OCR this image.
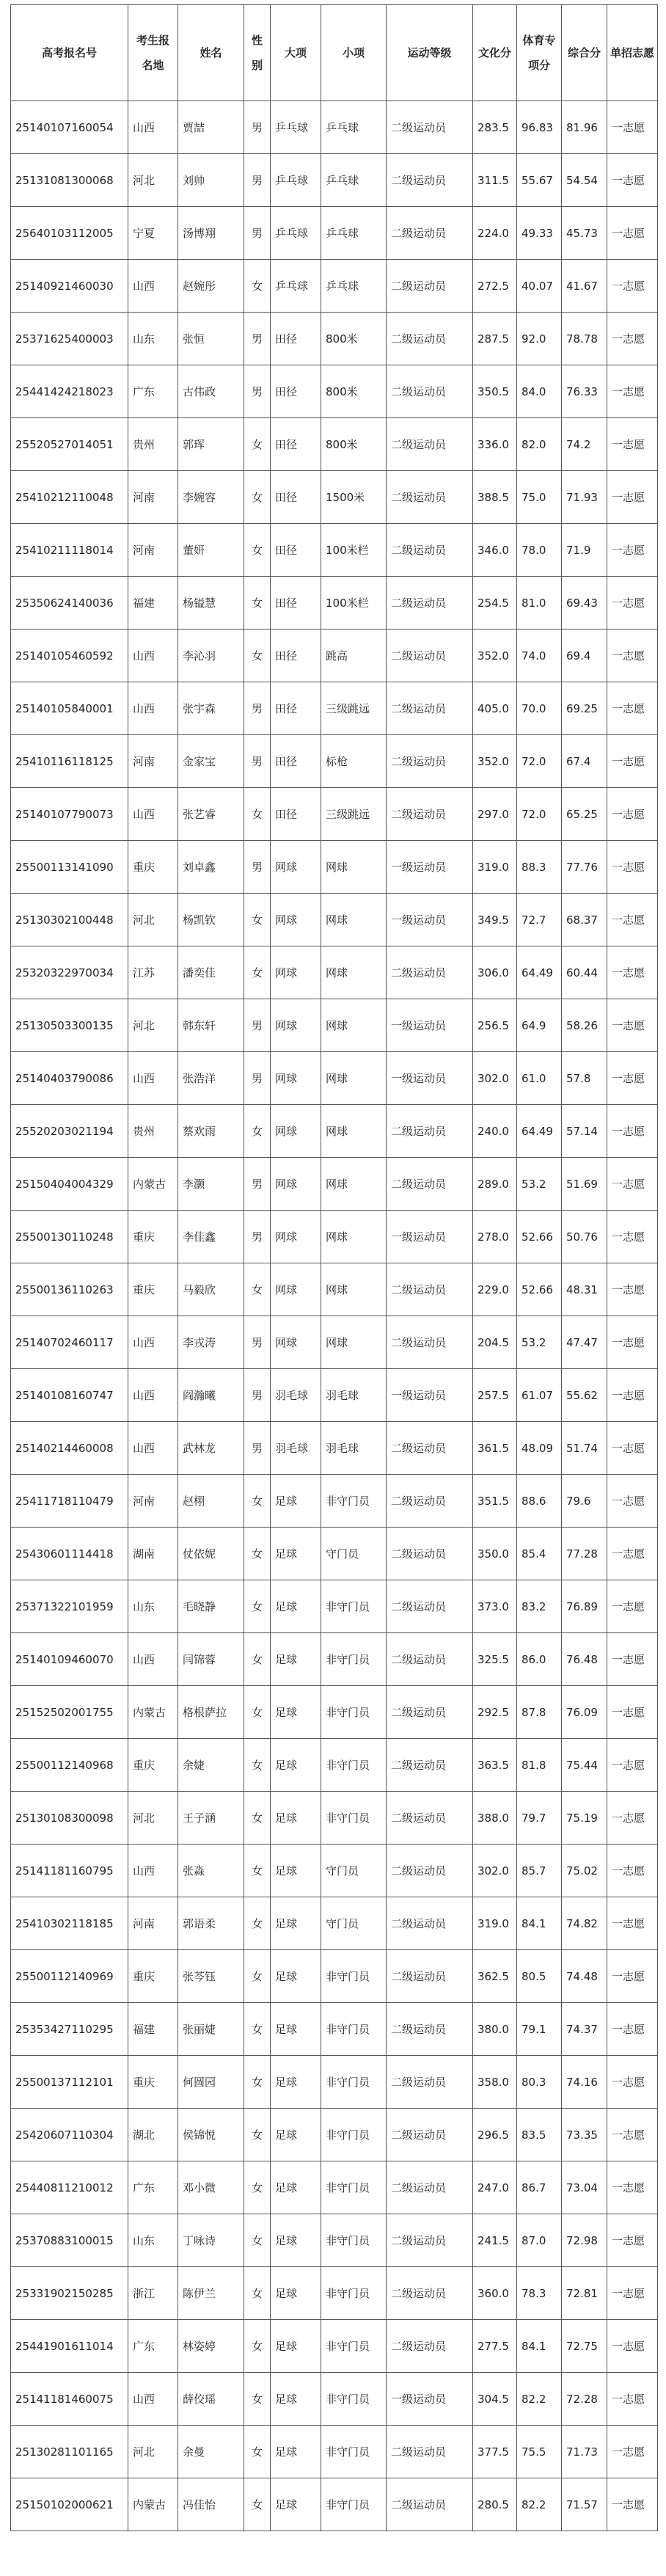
高考报名号	考生报名地	姓名	性别	大项	小项	运动等级	文化分	体育专项分	综合分	单招志愿
25140107160054	山西	贾喆	男	乒乓球	乒乓球	二级运动员	283.5	96.83	81.96	一志愿
25131081300068	河北	刘帅	男	乒乓球	乒乓球	二级运动员	311.5	55.67	54.54	一志愿
25640103112005	宁夏	汤博翔	男	乒乓球	乒乓球	二级运动员	224.0	49.33	45.73	一志愿
25140921460030	山西	赵婉彤	女	乒乓球	乒乓球	二级运动员	272.5	40.07	41.67	一志愿
25371625400003	山东	张恒	男	田径	800米	二级运动员	287.5	92.0	78.78	一志愿
25441424218023	广东	古伟政	男	田径	800米	二级运动员	350.5	84.0	76.33	一志愿
25520527014051	贵州	郭珲	女	田径	800米	二级运动员	336.0	82.0	74.2	一志愿
25410212110048	河南	李婉容	女	田径	1500米	二级运动员	388.5	75.0	71.93	一志愿
25410211118014	河南	董妍	女	田径	100米栏	二级运动员	346.0	78.0	71.9	一志愿
25350624140036	福建	杨镒慧	女	田径	100米栏	二级运动员	254.5	81.0	69.43	一志愿
25140105460592	山西	李沁羽	女	田径	跳高	二级运动员	352.0	74.0	69.4	一志愿
25140105840001	山西	张宇森	男	田径	三级跳远	二级运动员	405.0	70.0	69.25	一志愿
25410116118125	河南	金家宝	男	田径	标枪	二级运动员	352.0	72.0	67.4	一志愿
25140107790073	山西	张艺睿	女	田径	三级跳远	二级运动员	297.0	72.0	65.25	一志愿
25500113141090	重庆	刘卓鑫	男	网球	网球	一级运动员	319.0	88.3	77.76	一志愿
25130302100448	河北	杨凯钦	女	网球	网球	一级运动员	349.5	72.7	68.37	一志愿
25320322970034	江苏	潘奕佳	女	网球	网球	二级运动员	306.0	64.49	60.44	一志愿
25130503300135	河北	韩东轩	男	网球	网球	一级运动员	256.5	64.9	58.26	一志愿
25140403790086	山西	张浩洋	男	网球	网球	一级运动员	302.0	61.0	57.8	一志愿
25520203021194	贵州	蔡欢雨	女	网球	网球	二级运动员	240.0	64.49	57.14	一志愿
25150404004329	内蒙古	李灏	男	网球	网球	二级运动员	289.0	53.2	51.69	一志愿
25500130110248	重庆	李佳鑫	男	网球	网球	一级运动员	278.0	52.66	50.76	一志愿
25500136110263	重庆	马毅欣	女	网球	网球	二级运动员	229.0	52.66	48.31	一志愿
25140702460117	山西	李戎涛	男	网球	网球	二级运动员	204.5	53.2	47.47	一志愿
25140108160747	山西	阎瀚曦	男	羽毛球	羽毛球	一级运动员	257.5	61.07	55.62	一志愿
25140214460008	山西	武林龙	男	羽毛球	羽毛球	二级运动员	361.5	48.09	51.74	一志愿
25411718110479	河南	赵栩	女	足球	非守门员	二级运动员	351.5	88.6	79.6	一志愿
25430601114418	湖南	仗依妮	女	足球	守门员	二级运动员	350.0	85.4	77.28	一志愿
25371322101959	山东	毛晓静	女	足球	非守门员	二级运动员	373.0	83.2	76.89	一志愿
25140109460070	山西	闫锦蓉	女	足球	非守门员	二级运动员	325.5	86.0	76.48	一志愿
25152502001755	内蒙古	格根萨拉	女	足球	非守门员	二级运动员	292.5	87.8	76.09	一志愿
25500112140968	重庆	余婕	女	足球	非守门员	二级运动员	363.5	81.8	75.44	一志愿
25130108300098	河北	王子涵	女	足球	非守门员	二级运动员	388.0	79.7	75.19	一志愿
25141181160795	山西	张淼	女	足球	守门员	二级运动员	302.0	85.7	75.02	一志愿
25410302118185	河南	郭语柔	女	足球	守门员	二级运动员	319.0	84.1	74.82	一志愿
25500112140969	重庆	张芩钰	女	足球	非守门员	二级运动员	362.5	80.5	74.48	一志愿
25353427110295	福建	张丽婕	女	足球	非守门员	二级运动员	380.0	79.1	74.37	一志愿
25500137112101	重庆	何圆园	女	足球	非守门员	二级运动员	358.0	80.3	74.16	一志愿
25420607110304	湖北	侯锦悦	女	足球	非守门员	二级运动员	296.5	83.5	73.35	一志愿
25440811210012	广东	邓小微	女	足球	非守门员	二级运动员	247.0	86.7	73.04	一志愿
25370883100015	山东	丁咏诗	女	足球	非守门员	二级运动员	241.5	87.0	72.98	一志愿
25331902150285	浙江	陈伊兰	女	足球	非守门员	二级运动员	360.0	78.3	72.81	一志愿
25441901611014	广东	林姿婷	女	足球	非守门员	二级运动员	277.5	84.1	72.75	一志愿
25141181460075	山西	薛佼瑶	女	足球	非守门员	一级运动员	304.5	82.2	72.28	一志愿
25130281101165	河北	余曼	女	足球	非守门员	二级运动员	377.5	75.5	71.73	一志愿
25150102000621	内蒙古	冯佳怡	女	足球	非守门员	二级运动员	280.5	82.2	71.57	一志愿
